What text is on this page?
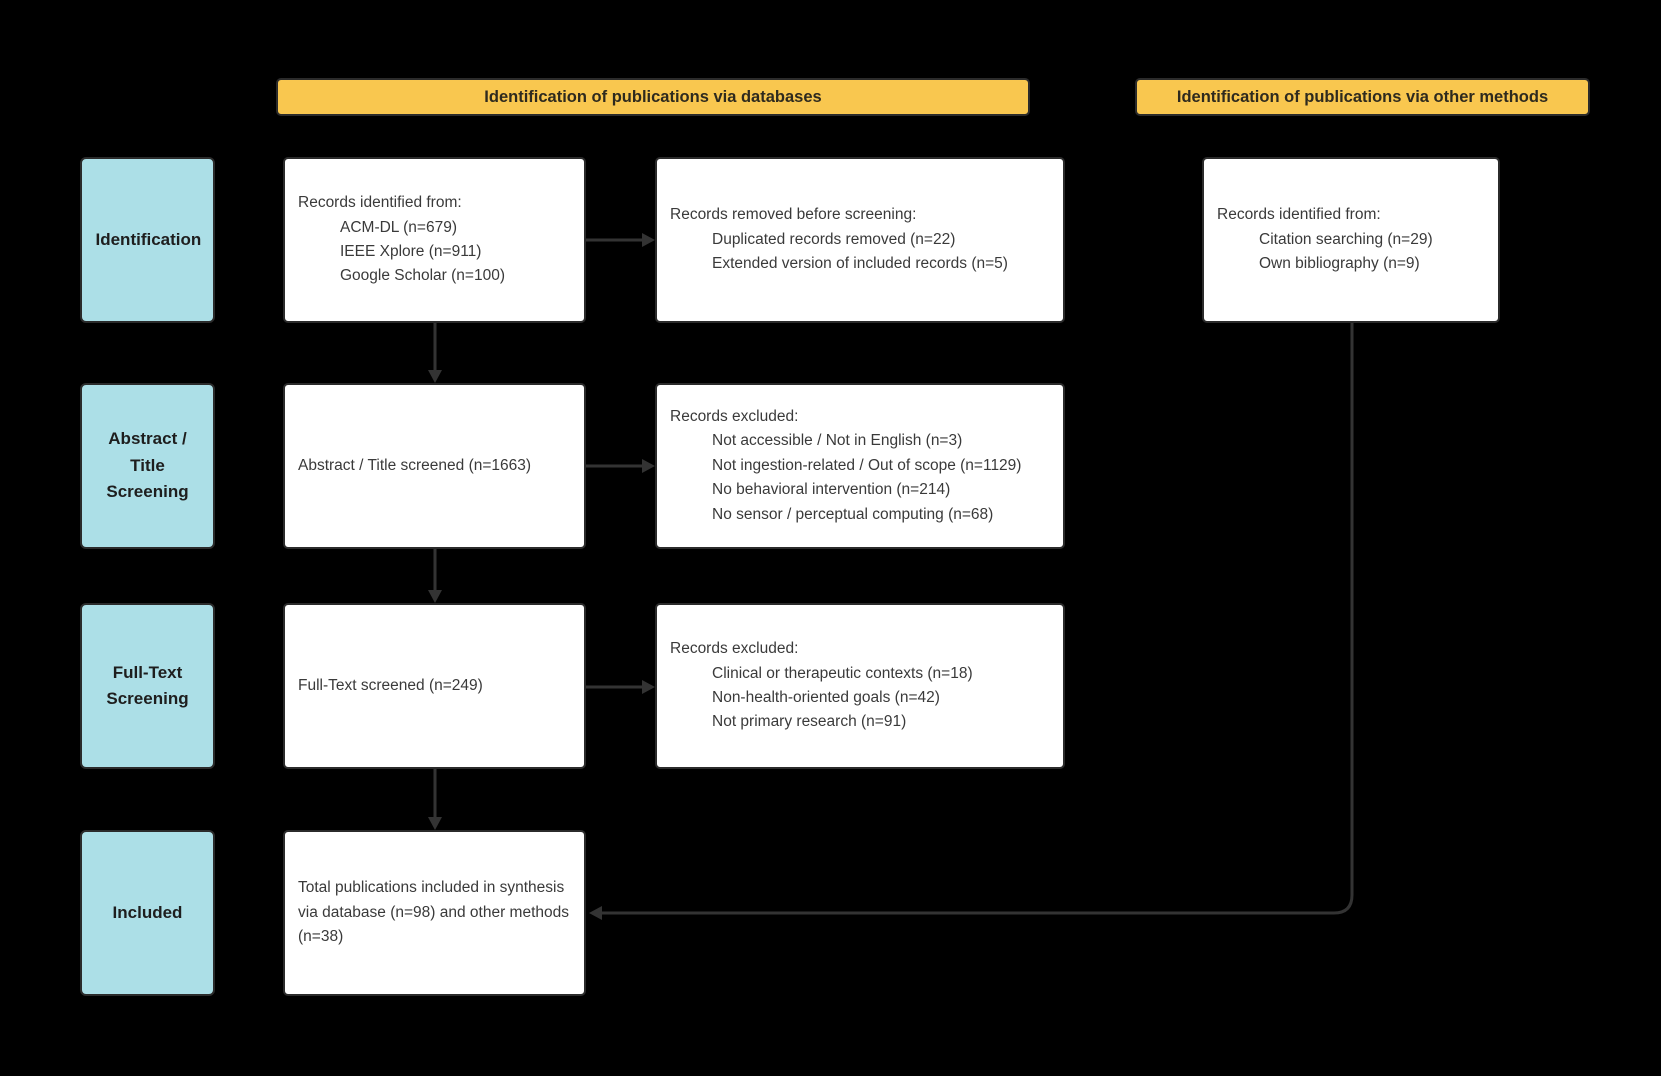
Identification of publications via databases	Identification of publications via other methods
Identification
Abstract / Title Screening
Full-Text Screening
Included
Records identified from:
ACM-DL (n=679)
IEEE Xplore (n=911)
Google Scholar (n=100)
Records removed before screening:
Duplicated records removed (n=22)
Extended version of included records (n=5)
Records identified from:
Citation searching (n=29)
Own bibliography (n=9)
Abstract / Title screened (n=1663)
Records excluded:
Not accessible / Not in English (n=3)
Not ingestion-related / Out of scope (n=1129)
No behavioral intervention (n=214)
No sensor / perceptual computing (n=68)
Full-Text screened (n=249)
Records excluded:
Clinical or therapeutic contexts (n=18)
Non-health-oriented goals (n=42)
Not primary research (n=91)
Total publications included in synthesis via database (n=98) and other methods (n=38)
